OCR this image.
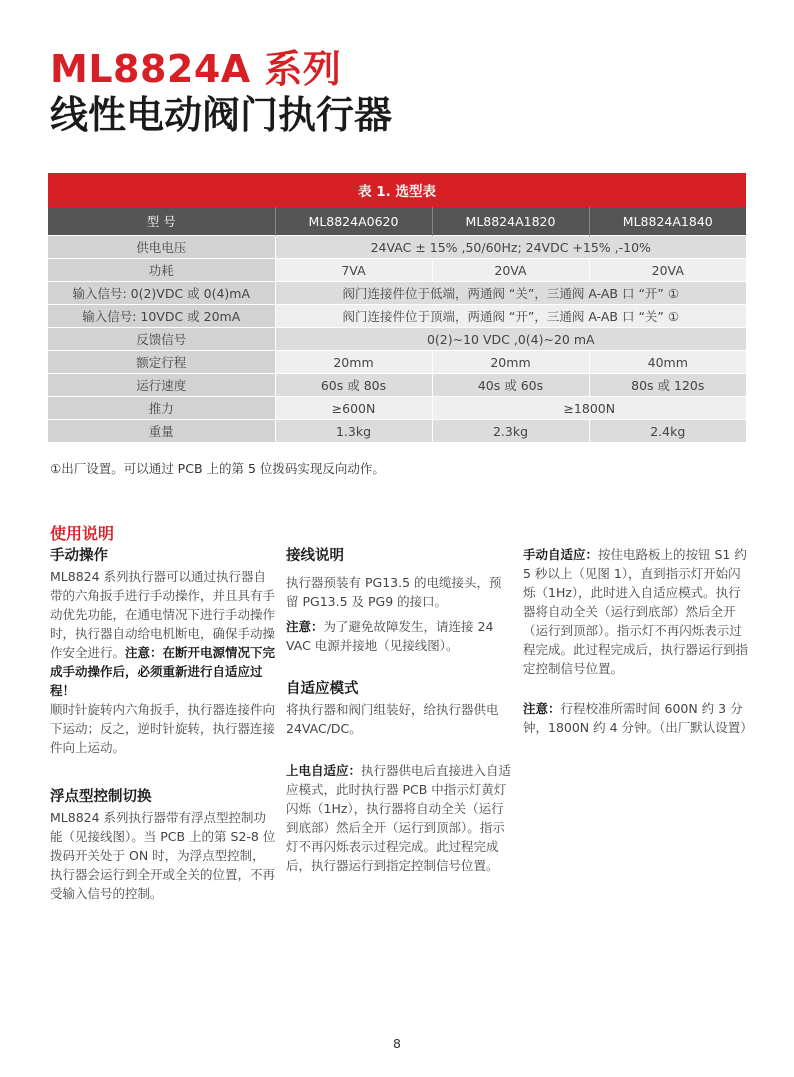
ML8824A 系列
线性电动阀门执行器
表 1. 选型表			
型 号	ML8824A0620	ML8824A1820	ML8824A1840
供电电压	24VAC ± 15% ,50/60Hz; 24VDC +15% ,-10%		
功耗	7VA	20VA	20VA
输入信号: 0(2)VDC 或 0(4)mA	阀门连接件位于低端，两通阀 “关”，三通阀 A-AB 口 “开” ①		
输入信号: 10VDC 或 20mA	阀门连接件位于顶端，两通阀 “开”，三通阀 A-AB 口 “关” ①		
反馈信号	0(2)~10 VDC ,0(4)~20 mA		
额定行程	20mm	20mm	40mm
运行速度	60s 或 80s	40s 或 60s	80s 或 120s
推力	≥600N	≥1800N	
重量	1.3kg	2.3kg	2.4kg
①出厂设置。可以通过 PCB 上的第 5 位拨码实现反向动作。
使用说明
手动操作

ML8824 系列执行器可以通过执行器自带的六角扳手进行手动操作，并且具有手动优先功能，在通电情况下进行手动操作时，执行器自动给电机断电，确保手动操作安全进行。注意：在断开电源情况下完成手动操作后，必须重新进行自适应过程！

顺时针旋转内六角扳手，执行器连接件向下运动；反之，逆时针旋转，执行器连接件向上运动。

浮点型控制切换

ML8824 系列执行器带有浮点型控制功能（见接线图）。当 PCB 上的第 S2-8 位拨码开关处于 ON 时，为浮点型控制，执行器会运行到全开或全关的位置，不再受输入信号的控制。

接线说明

执行器预装有 PG13.5 的电缆接头，预留 PG13.5 及 PG9 的接口。

注意：为了避免故障发生，请连接 24 VAC 电源并接地（见接线图）。

自适应模式

将执行器和阀门组装好，给执行器供电 24VAC/DC。

上电自适应：执行器供电后直接进入自适应模式，此时执行器 PCB 中指示灯黄灯闪烁（1Hz），执行器将自动全关（运行到底部）然后全开（运行到顶部）。指示灯不再闪烁表示过程完成。此过程完成后，执行器运行到指定控制信号位置。

手动自适应：按住电路板上的按钮 S1 约 5 秒以上（见图 1），直到指示灯开始闪烁（1Hz），此时进入自适应模式。执行器将自动全关（运行到底部）然后全开（运行到顶部）。指示灯不再闪烁表示过程完成。此过程完成后，执行器运行到指定控制信号位置。

注意：行程校准所需时间 600N 约 3 分钟，1800N 约 4 分钟。（出厂默认设置）

8
